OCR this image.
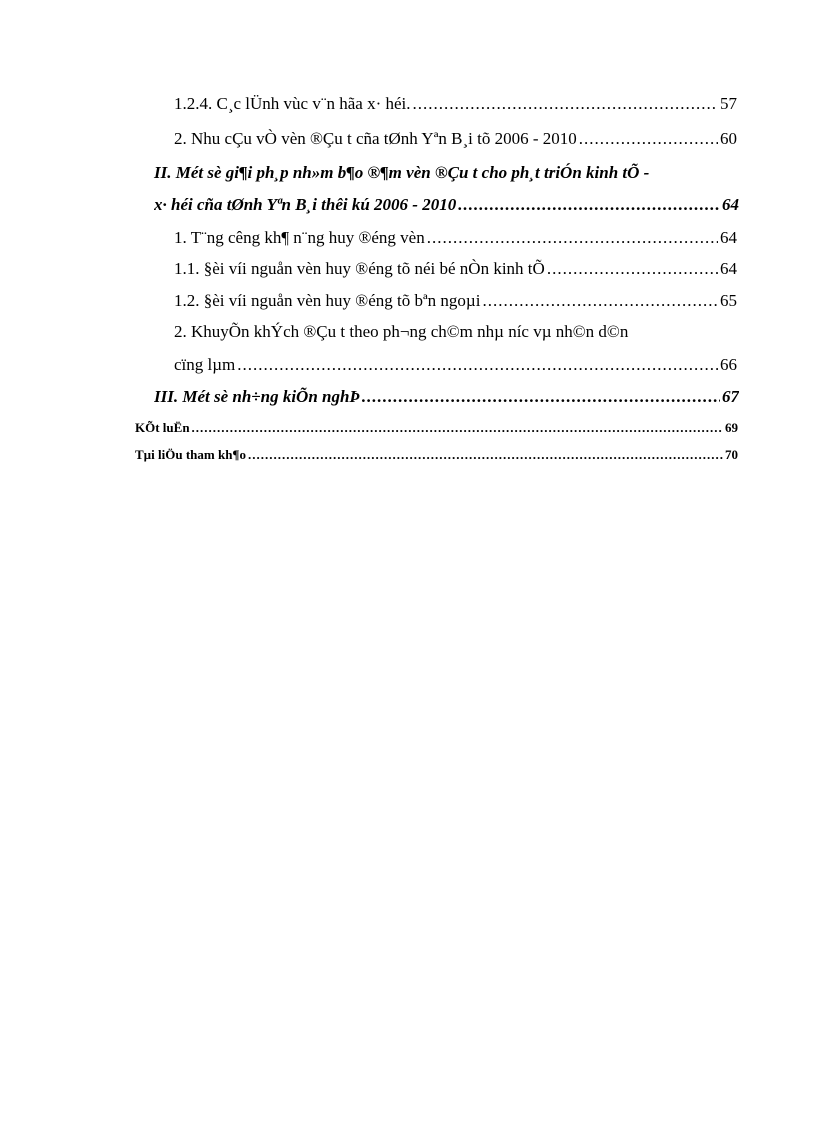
1.2.4. C¸c lÜnh vùc v¨n hãa x· héi. .....	57
2. Nhu cÇu vÒ vèn ®Çu t cña tØnh Yªn B¸i tõ 2006 - 2010 .....	60
II. Mét sè gi¶i ph¸p nh»m b¶o ®¶m vèn ®Çu t cho ph¸t triÓn kinh tÕ -
x· héi cña tØnh Yªn B¸i thêi kú 2006 - 2010 .....	64
1. T¨ng cêng kh¶ n¨ng huy ®éng vèn .....	64
1.1. §èi víi nguån vèn huy ®éng tõ néi bé nÒn kinh tÕ .....	64
1.2. §èi víi nguån vèn huy ®éng tõ bªn ngoµi .....	65
2. KhuyÕn khÝch ®Çu t theo ph¬ng ch©m nhµ níc vµ nh©n d©n
cïng lµm .....	66
III. Mét sè nh÷ng kiÕn nghÞ .....	67
KÕt luËn .....	69
Tµi liÖu tham kh¶o .....	70
